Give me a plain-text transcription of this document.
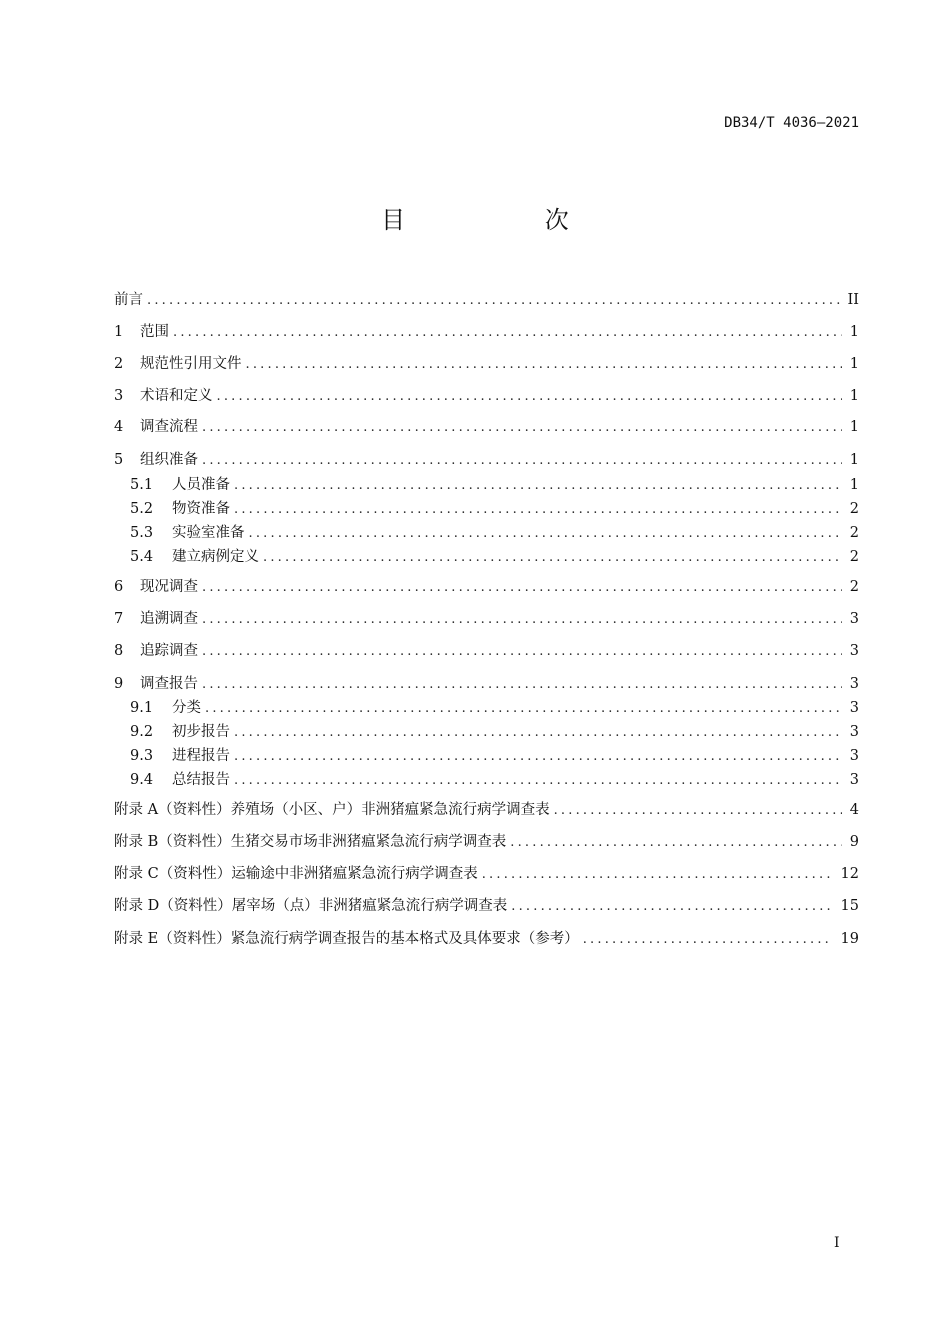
DB34/T 4036—2021
目 次
前言 .....	II
1	范围 .....	1
2	规范性引用文件 .....	1
3	术语和定义 .....	1
4	调查流程 .....	1
5	组织准备 .....	1
5.1	人员准备 .....	1
5.2	物资准备 .....	2
5.3	实验室准备 .....	2
5.4	建立病例定义 .....	2
6	现况调查 .....	2
7	追溯调查 .....	3
8	追踪调查 .....	3
9	调查报告 .....	3
9.1	分类 .....	3
9.2	初步报告 .....	3
9.3	进程报告 .....	3
9.4	总结报告 .....	3
附录 A（资料性） 养殖场（小区、户）非洲猪瘟紧急流行病学调查表 .....	4
附录 B（资料性） 生猪交易市场非洲猪瘟紧急流行病学调查表 .....	9
附录 C（资料性） 运输途中非洲猪瘟紧急流行病学调查表 .....	12
附录 D（资料性） 屠宰场（点）非洲猪瘟紧急流行病学调查表 .....	15
附录 E（资料性） 紧急流行病学调查报告的基本格式及具体要求（参考） .....	19
I
